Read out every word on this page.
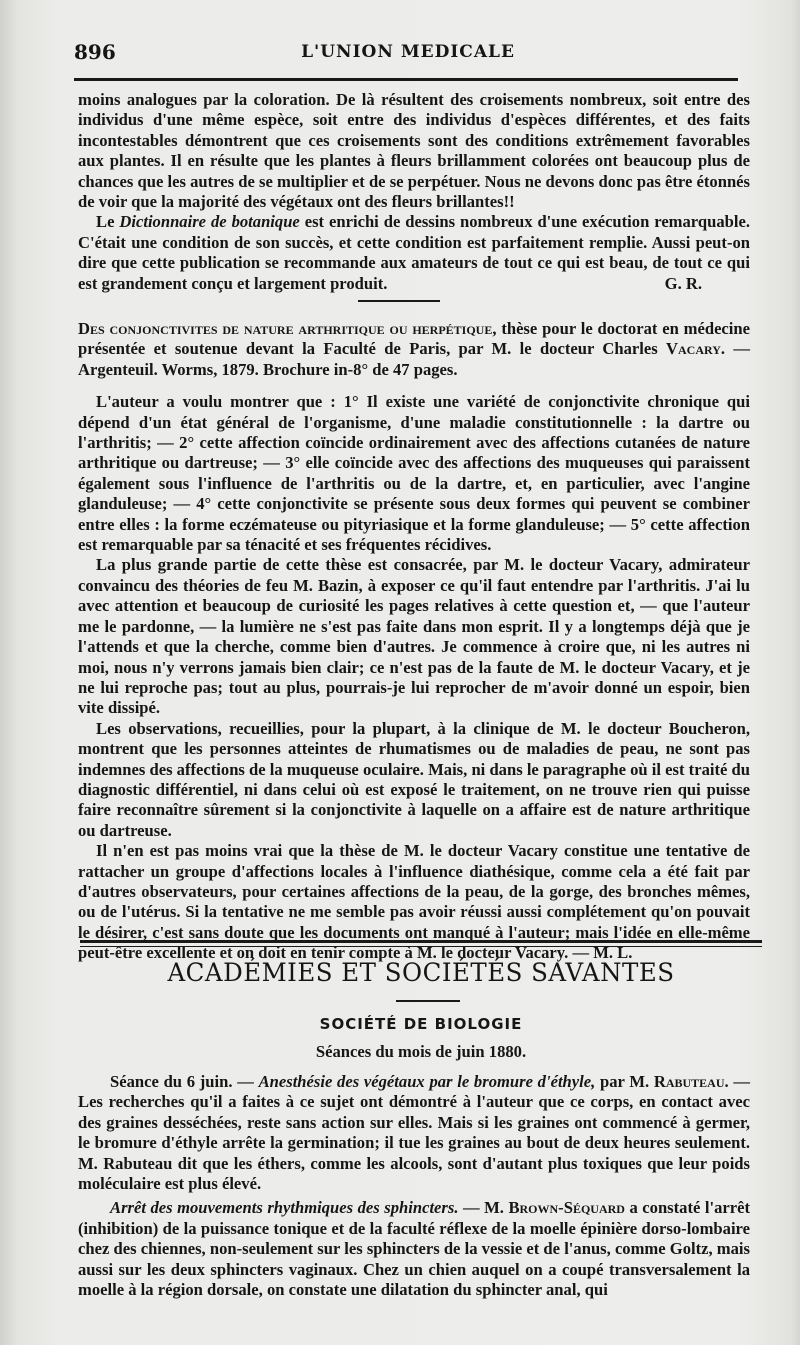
896	L'UNION MEDICALE

moins analogues par la coloration. De là résultent des croisements nombreux, soit entre des individus d'une même espèce, soit entre des individus d'espèces différentes, et des faits incontestables démontrent que ces croisements sont des conditions extrêmement favorables aux plantes. Il en résulte que les plantes à fleurs brillamment colorées ont beaucoup plus de chances que les autres de se multiplier et de se perpétuer. Nous ne devons donc pas être étonnés de voir que la majorité des végétaux ont des fleurs brillantes!!

Le Dictionnaire de botanique est enrichi de dessins nombreux d'une exécution remarquable. C'était une condition de son succès, et cette condition est parfaitement remplie. Aussi peut-on dire que cette publication se recommande aux amateurs de tout ce qui est beau, de tout ce qui est grandement conçu et largement produit.	G. R.

Des conjonctivites de nature arthritique ou herpétique, thèse pour le doctorat en médecine présentée et soutenue devant la Faculté de Paris, par M. le docteur Charles Vacary. — Argenteuil. Worms, 1879. Brochure in-8° de 47 pages.

L'auteur a voulu montrer que : 1° Il existe une variété de conjonctivite chronique qui dépend d'un état général de l'organisme, d'une maladie constitutionnelle : la dartre ou l'arthritis; — 2° cette affection coïncide ordinairement avec des affections cutanées de nature arthritique ou dartreuse; — 3° elle coïncide avec des affections des muqueuses qui paraissent également sous l'influence de l'arthritis ou de la dartre, et, en particulier, avec l'angine glanduleuse; — 4° cette conjonctivite se présente sous deux formes qui peuvent se combiner entre elles : la forme eczémateuse ou pityriasique et la forme glanduleuse; — 5° cette affection est remarquable par sa ténacité et ses fréquentes récidives.

La plus grande partie de cette thèse est consacrée, par M. le docteur Vacary, admirateur convaincu des théories de feu M. Bazin, à exposer ce qu'il faut entendre par l'arthritis. J'ai lu avec attention et beaucoup de curiosité les pages relatives à cette question et, — que l'auteur me le pardonne, — la lumière ne s'est pas faite dans mon esprit. Il y a longtemps déjà que je l'attends et que la cherche, comme bien d'autres. Je commence à croire que, ni les autres ni moi, nous n'y verrons jamais bien clair; ce n'est pas de la faute de M. le docteur Vacary, et je ne lui reproche pas; tout au plus, pourrais-je lui reprocher de m'avoir donné un espoir, bien vite dissipé.

Les observations, recueillies, pour la plupart, à la clinique de M. le docteur Boucheron, montrent que les personnes atteintes de rhumatismes ou de maladies de peau, ne sont pas indemnes des affections de la muqueuse oculaire. Mais, ni dans le paragraphe où il est traité du diagnostic différentiel, ni dans celui où est exposé le traitement, on ne trouve rien qui puisse faire reconnaître sûrement si la conjonctivite à laquelle on a affaire est de nature arthritique ou dartreuse.

Il n'en est pas moins vrai que la thèse de M. le docteur Vacary constitue une tentative de rattacher un groupe d'affections locales à l'influence diathésique, comme cela a été fait par d'autres observateurs, pour certaines affections de la peau, de la gorge, des bronches mêmes, ou de l'utérus. Si la tentative ne me semble pas avoir réussi aussi complétement qu'on pouvait le désirer, c'est sans doute que les documents ont manqué à l'auteur; mais l'idée en elle-même peut-être excellente et on doit en tenir compte à M. le docteur Vacary. — M. L.

ACADÉMIES ET SOCIÉTÉS SAVANTES
SOCIÉTÉ DE BIOLOGIE
Séances du mois de juin 1880.

Séance du 6 juin. — Anesthésie des végétaux par le bromure d'éthyle, par M. Rabuteau. — Les recherches qu'il a faites à ce sujet ont démontré à l'auteur que ce corps, en contact avec des graines desséchées, reste sans action sur elles. Mais si les graines ont commencé à germer, le bromure d'éthyle arrête la germination; il tue les graines au bout de deux heures seulement. M. Rabuteau dit que les éthers, comme les alcools, sont d'autant plus toxiques que leur poids moléculaire est plus élevé.

Arrêt des mouvements rhythmiques des sphincters. — M. Brown-Séquard a constaté l'arrêt (inhibition) de la puissance tonique et de la faculté réflexe de la moelle épinière dorso-lombaire chez des chiennes, non-seulement sur les sphincters de la vessie et de l'anus, comme Goltz, mais aussi sur les deux sphincters vaginaux. Chez un chien auquel on a coupé transversalement la moelle à la région dorsale, on constate une dilatation du sphincter anal, qui
